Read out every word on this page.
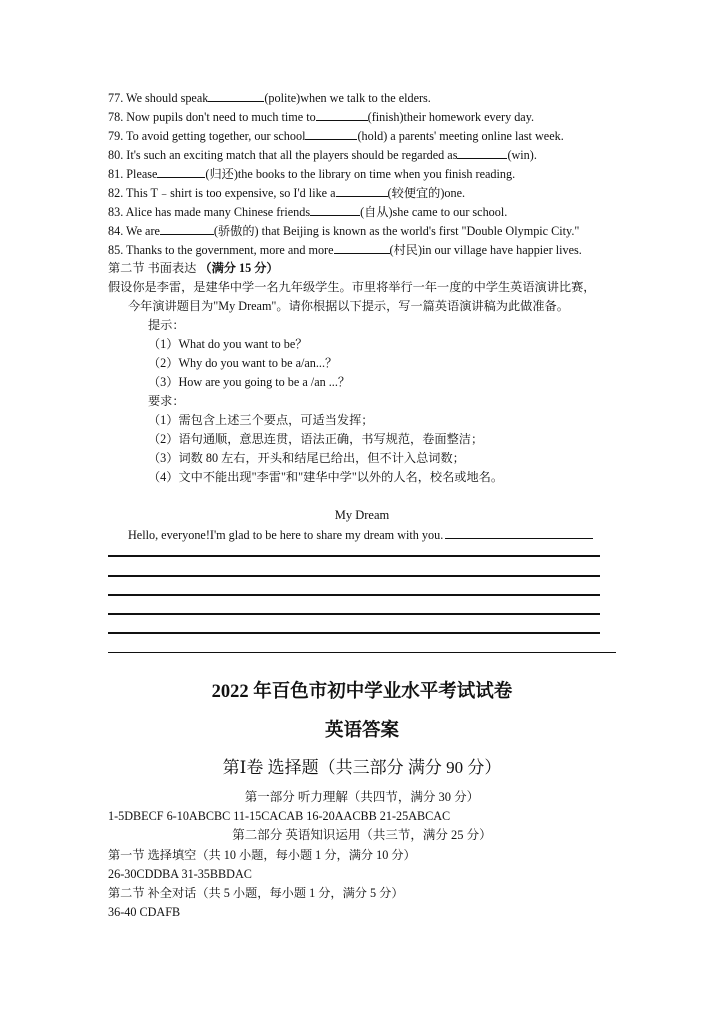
77. We should speak	(polite)when we talk to the elders.
78. Now pupils don't need to much time to	(finish)their homework every day.
79. To avoid getting together, our school	(hold) a parents' meeting online last week.
80. It's such an exciting match that all the players should be regarded as	(win).
81. Please	(归还)the books to the library on time when you finish reading.
82. This T﹣shirt is too expensive, so I'd like a	(较便宜的)one.
83. Alice has made many Chinese friends	(自从)she came to our school.
84. We are	(骄傲的) that Beijing is known as the world's first "Double Olympic City."
85. Thanks to the government, more and more	(村民)in our village have happier lives.
第二节 书面表达 （满分 15 分）
假设你是李雷，是建华中学一名九年级学生。市里将举行一年一度的中学生英语演讲比赛，
今年演讲题目为"My Dream"。请你根据以下提示，写一篇英语演讲稿为此做准备。
提示：
（1）What do you want to be？
（2）Why do you want to be a/an...？
（3）How are you going to be a /an ...？
要求：
（1）需包含上述三个要点，可适当发挥；
（2）语句通顺，意思连贯，语法正确，书写规范，卷面整洁；
（3）词数 80 左右，开头和结尾已给出，但不计入总词数；
（4）文中不能出现"李雷"和"建华中学"以外的人名，校名或地名。
My Dream
Hello, everyone!I'm glad to be here to share my dream with you.
2022 年百色市初中学业水平考试试卷
英语答案
第Ⅰ卷 选择题（共三部分 满分 90 分）
第一部分 听力理解（共四节，满分 30 分）
1-5DBECF 6-10ABCBC 11-15CACAB 16-20AACBB 21-25ABCAC
第二部分 英语知识运用（共三节，满分 25 分）
第一节 选择填空（共 10 小题，每小题 1 分，满分 10 分）
26-30CDDBA 31-35BBDAC
第二节 补全对话（共 5 小题，每小题 1 分，满分 5 分）
36-40 CDAFB
